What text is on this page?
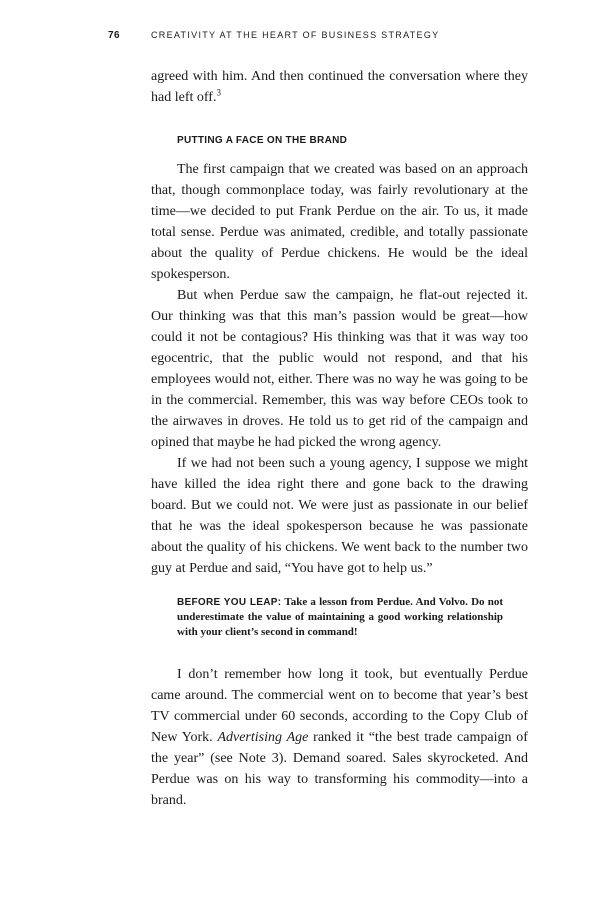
76	CREATIVITY AT THE HEART OF BUSINESS STRATEGY

agreed with him. And then continued the conversation where they had left off.$^3$

PUTTING A FACE ON THE BRAND

The first campaign that we created was based on an approach that, though commonplace today, was fairly revolutionary at the time—we decided to put Frank Perdue on the air. To us, it made total sense. Perdue was animated, credible, and totally passionate about the quality of Perdue chickens. He would be the ideal spokesperson.

But when Perdue saw the campaign, he flat-out rejected it. Our thinking was that this man’s passion would be great—how could it not be contagious? His thinking was that it was way too egocentric, that the public would not respond, and that his employees would not, either. There was no way he was going to be in the commercial. Remember, this was way before CEOs took to the airwaves in droves. He told us to get rid of the campaign and opined that maybe he had picked the wrong agency.

If we had not been such a young agency, I suppose we might have killed the idea right there and gone back to the drawing board. But we could not. We were just as passionate in our belief that he was the ideal spokesperson because he was passionate about the quality of his chickens. We went back to the number two guy at Perdue and said, “You have got to help us.”

BEFORE YOU LEAP: Take a lesson from Perdue. And Volvo. Do not underestimate the value of maintaining a good working relationship with your client’s second in command!

I don’t remember how long it took, but eventually Perdue came around. The commercial went on to become that year’s best TV commercial under 60 seconds, according to the Copy Club of New York. Advertising Age ranked it “the best trade campaign of the year” (see Note 3). Demand soared. Sales skyrocketed. And Perdue was on his way to transforming his commodity—into a brand.
